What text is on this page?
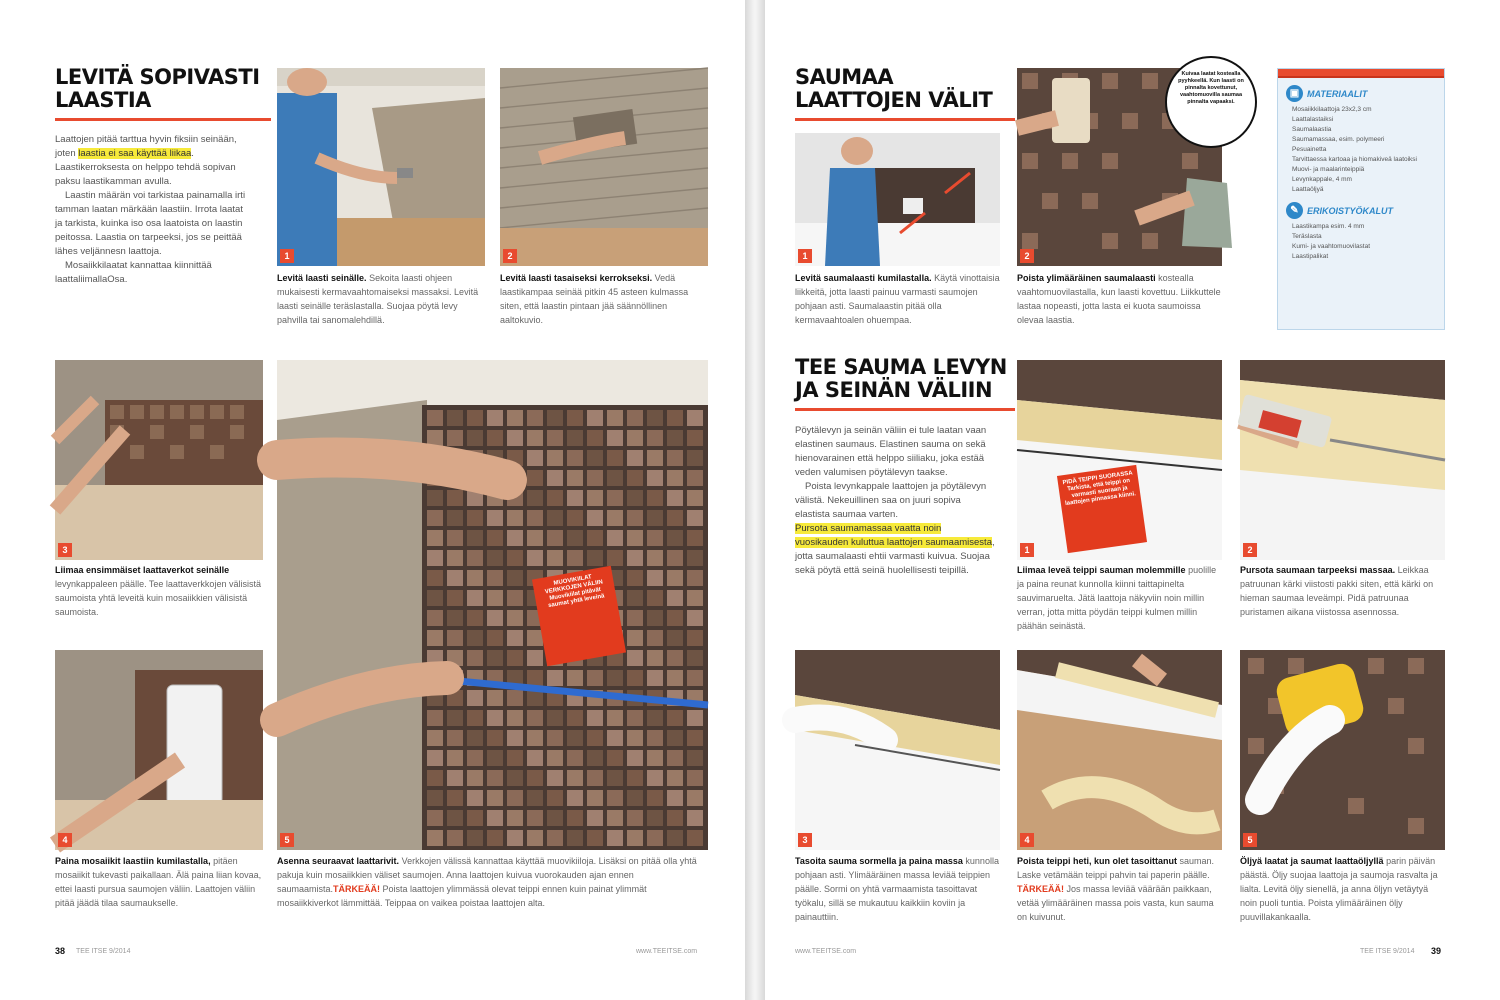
LEVITÄ SOPIVASTI LAASTIA

Laattojen pitää tarttua hyvin fiksiin seinään, joten laastia ei saa käyttää liikaa. Laastikerroksesta on helppo tehdä sopivan paksu laastikamman avulla.

Laastin määrän voi tarkistaa painamalla irti tamman laatan märkään laastiin. Irrota laatat ja tarkista, kuinka iso osa laatoista on laastin peitossa. Laastia on tarpeeksi, jos se peittää lähes veljännesn laattoja.

Mosaiikkilaatat kannattaa kiinnittää laattaliimallaOsa.

1	2
Levitä laasti seinälle. Sekoita laasti ohjeen mukaisesti kermavaahtomaiseksi massaksi. Levitä laasti seinälle teräslastalla. Suojaa pöytä levy pahvilla tai sanomalehdillä.
Levitä laasti tasaiseksi kerrokseksi. Vedä laastikampaa seinää pitkin 45 asteen kulmassa siten, että laastin pintaan jää säännöllinen aaltokuvio.
3
Liimaa ensimmäiset laattaverkot seinälle levynkappaleen päälle. Tee laattaverkkojen välisistä saumoista yhtä leveitä kuin mosaiikkien välisistä saumoista.
4
Paina mosaiikit laastiin kumilastalla, pitäen mosaiikit tukevasti paikallaan. Älä paina liian kovaa, ettei laasti pursua saumojen väliin. Laattojen väliin pitää jäädä tilaa saumaukselle.
MUOVIKIILAT VERKKOJEN VÄLIIN Muovikiilat pitävät saumat yhtä leveinä
5
Asenna seuraavat laattarivit. Verkkojen välissä kannattaa käyttää muovikiiloja. Lisäksi on pitää olla yhtä pakuja kuin mosaiikkien väliset saumojen. Anna laattojen kuivua vuorokauden ajan ennen saumaamista.TÄRKEÄÄ! Poista laattojen ylimmässä olevat teippi ennen kuin painat ylimmät mosaiikkiverkot lämmittää. Teippaa on vaikea poistaa laattojen alta.
38 TEE ITSE 9/2014	www.TEEITSE.com
SAUMAA LAATTOJEN VÄLIT
1
Kuivaa laatat kostealla pyyhkeellä. Kun laasti on pinnalta kovettunut, vaahtomuovilla saumaa pinnalta vapaaksi.
2
Levitä saumalaasti kumilastalla. Käytä vinottaisia liikkeitä, jotta laasti painuu varmasti saumojen pohjaan asti. Saumalaastin pitää olla kermavaahtoalen ohuempaa.
Poista ylimääräinen saumalaasti kostealla vaahtomuovilastalla, kun laasti kovettuu. Liikkuttele lastaa nopeasti, jotta lasta ei kuota saumoissa olevaa laastia.
▣ MATERIAALIT
Mosaiikkilaattoja 23x2,3 cm
Laattalastaiksi
Saumalaastia
Saumamassaa, esim. polymeeri
Pesuainetta
Tarvittaessa kartoaa ja hiomakiveä laatoiksi
Muovi- ja maalarinteippiä
Levynkappale, 4 mm
Laattaöljyä
✎ ERIKOISTYÖKALUT
Laastikampa esim. 4 mm
Teräslasta
Kumi- ja vaahtomuovilastat
Laastipalikat
TEE SAUMA LEVYN JA SEINÄN VÄLIIN

Pöytälevyn ja seinän väliin ei tule laatan vaan elastinen saumaus. Elastinen sauma on sekä hienovarainen että helppo siiliaku, joka estää veden valumisen pöytälevyn taakse.

Poista levynkappale laattojen ja pöytälevyn välistä. Nekeuillinen saa on juuri sopiva elastista saumaa varten.

Pursota saumamassaa vaatta noin vuosikauden kuluttua laattojen saumaamisesta, jotta saumalaasti ehtii varmasti kuivua. Suojaa sekä pöytä että seinä huolellisesti teipillä.

PIDÄ TEIPPI SUORASSA Tarkista, että teippi on varmasti suoraan ja laattojen pinnassa kiinni.
1	2
Liimaa leveä teippi sauman molemmille puolille ja paina reunat kunnolla kiinni taittapinelta sauvimaruelta. Jätä laattoja näkyviin noin millin verran, jotta mitta pöydän teippi kulmen millin päähän seinästä.
Pursota saumaan tarpeeksi massaa. Leikkaa patruunan kärki viistosti pakki siten, että kärki on hieman saumaa leveämpi. Pidä patruunaa puristamen aikana viistossa asennossa.
3	4	5
Tasoita sauma sormella ja paina massa kunnolla pohjaan asti. Ylimääräinen massa leviää teippien päälle. Sormi on yhtä varmaamista tasoittavat työkalu, sillä se mukautuu kaikkiin koviin ja painauttiin.
Poista teippi heti, kun olet tasoittanut sauman. Laske vetämään teippi pahvin tai paperin päälle. TÄRKEÄÄ! Jos massa leviää väärään paikkaan, vetää ylimääräinen massa pois vasta, kun sauma on kuivunut.
Öljyä laatat ja saumat laattaöljyllä parin päivän päästä. Öljy suojaa laattoja ja saumoja rasvalta ja lialta. Levitä öljy sienellä, ja anna öljyn vetäytyä noin puoli tuntia. Poista ylimääräinen öljy puuvillakankaalla.
www.TEEITSE.com	TEE ITSE 9/2014 39
